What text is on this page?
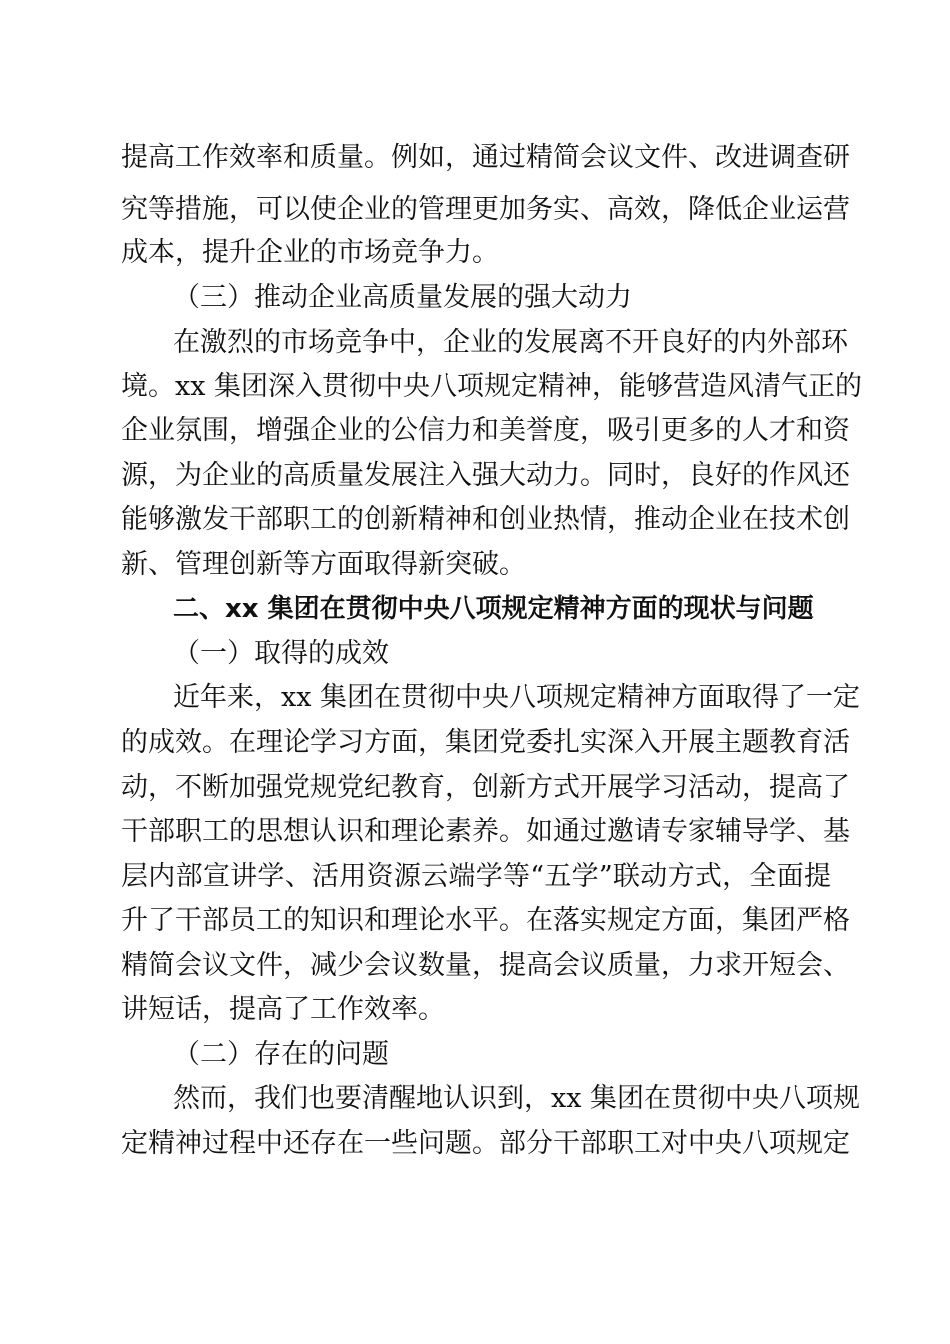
提高工作效率和质量。例如，通过精简会议文件、改进调查研
究等措施，可以使企业的管理更加务实、高效，降低企业运营
成本，提升企业的市场竞争力。
（三）推动企业高质量发展的强大动力
在激烈的市场竞争中，企业的发展离不开良好的内外部环
境。xx 集团深入贯彻中央八项规定精神，能够营造风清气正的
企业氛围，增强企业的公信力和美誉度，吸引更多的人才和资
源，为企业的高质量发展注入强大动力。同时，良好的作风还
能够激发干部职工的创新精神和创业热情，推动企业在技术创
新、管理创新等方面取得新突破。
二、xx 集团在贯彻中央八项规定精神方面的现状与问题
（一）取得的成效
近年来，xx 集团在贯彻中央八项规定精神方面取得了一定
的成效。在理论学习方面，集团党委扎实深入开展主题教育活
动，不断加强党规党纪教育，创新方式开展学习活动，提高了
干部职工的思想认识和理论素养。如通过邀请专家辅导学、基
层内部宣讲学、活用资源云端学等“五学”联动方式，全面提
升了干部员工的知识和理论水平。在落实规定方面，集团严格
精简会议文件，减少会议数量，提高会议质量，力求开短会、
讲短话，提高了工作效率。
（二）存在的问题
然而，我们也要清醒地认识到，xx 集团在贯彻中央八项规
定精神过程中还存在一些问题。部分干部职工对中央八项规定
